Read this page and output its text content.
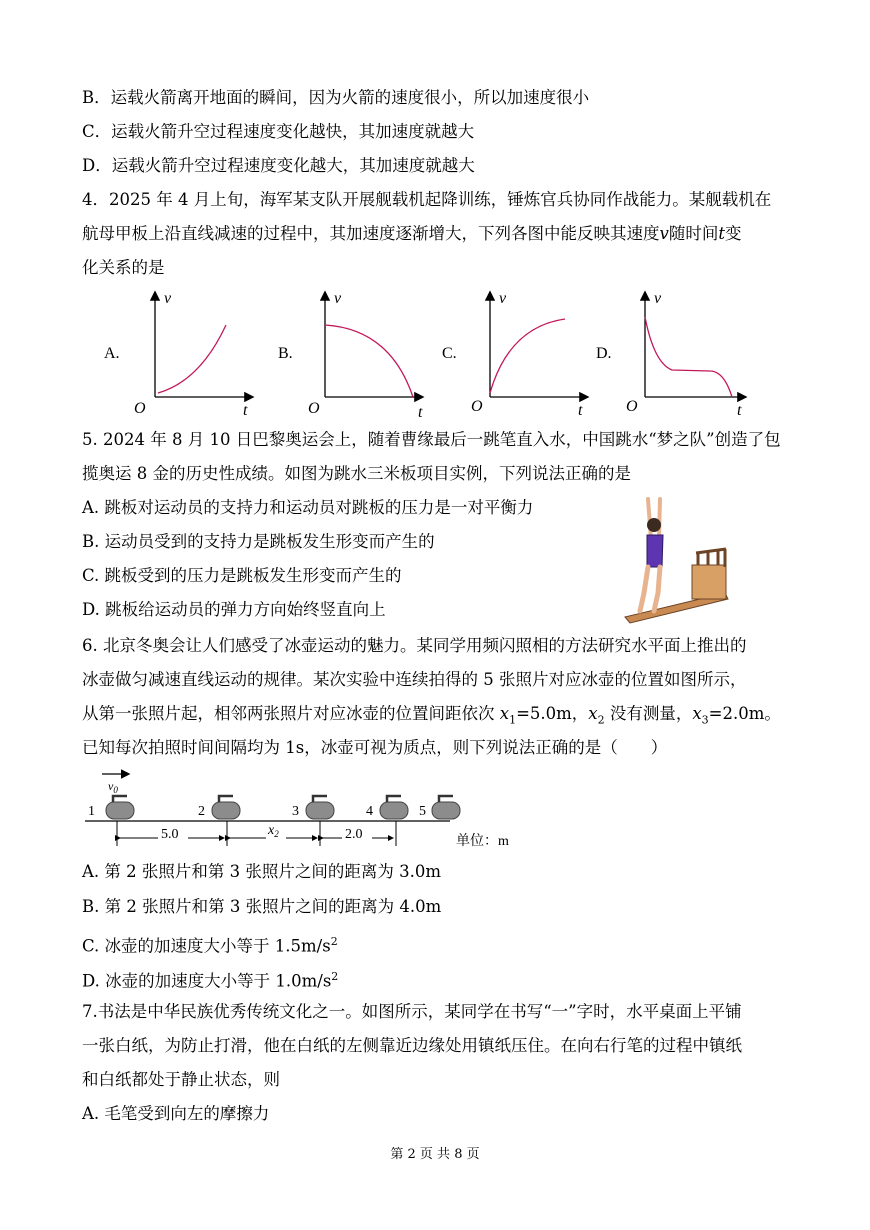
B．运载火箭离开地面的瞬间，因为火箭的速度很小，所以加速度很小
C．运载火箭升空过程速度变化越快，其加速度就越大
D．运载火箭升空过程速度变化越大，其加速度就越大
4．2025 年 4 月上旬，海军某支队开展舰载机起降训练，锤炼官兵协同作战能力。某舰载机在
航母甲板上沿直线减速的过程中，其加速度逐渐增大，下列各图中能反映其速度v随时间t变
化关系的是
A.
v
t
O
B.
v
t
O
C.
v
t
O
D.
v
t
O
5. 2024 年 8 月 10 日巴黎奥运会上，随着曹缘最后一跳笔直入水，中国跳水“梦之队”创造了包
揽奥运 8 金的历史性成绩。如图为跳水三米板项目实例，下列说法正确的是
A. 跳板对运动员的支持力和运动员对跳板的压力是一对平衡力
B. 运动员受到的支持力是跳板发生形变而产生的
C. 跳板受到的压力是跳板发生形变而产生的
D. 跳板给运动员的弹力方向始终竖直向上
6. 北京冬奥会让人们感受了冰壶运动的魅力。某同学用频闪照相的方法研究水平面上推出的
冰壶做匀减速直线运动的规律。某次实验中连续拍得的 5 张照片对应冰壶的位置如图所示，
从第一张照片起，相邻两张照片对应冰壶的位置间距依次 $x_1=5.0m$，$x_2$ 没有测量，$x_3=2.0m$。
已知每次拍照时间间隔均为 1s，冰壶可视为质点，则下列说法正确的是（　　）
$v_0$
1	2	3	4	5
5.0	$x_2$	2.0	单位：m
A. 第 2 张照片和第 3 张照片之间的距离为 3.0m
B. 第 2 张照片和第 3 张照片之间的距离为 4.0m
C. 冰壶的加速度大小等于 $1.5m/s^2$
D. 冰壶的加速度大小等于 $1.0m/s^2$
7.书法是中华民族优秀传统文化之一。如图所示，某同学在书写“一”字时，水平桌面上平铺
一张白纸，为防止打滑，他在白纸的左侧靠近边缘处用镇纸压住。在向右行笔的过程中镇纸
和白纸都处于静止状态，则
A. 毛笔受到向左的摩擦力
第 2 页 共 8 页
